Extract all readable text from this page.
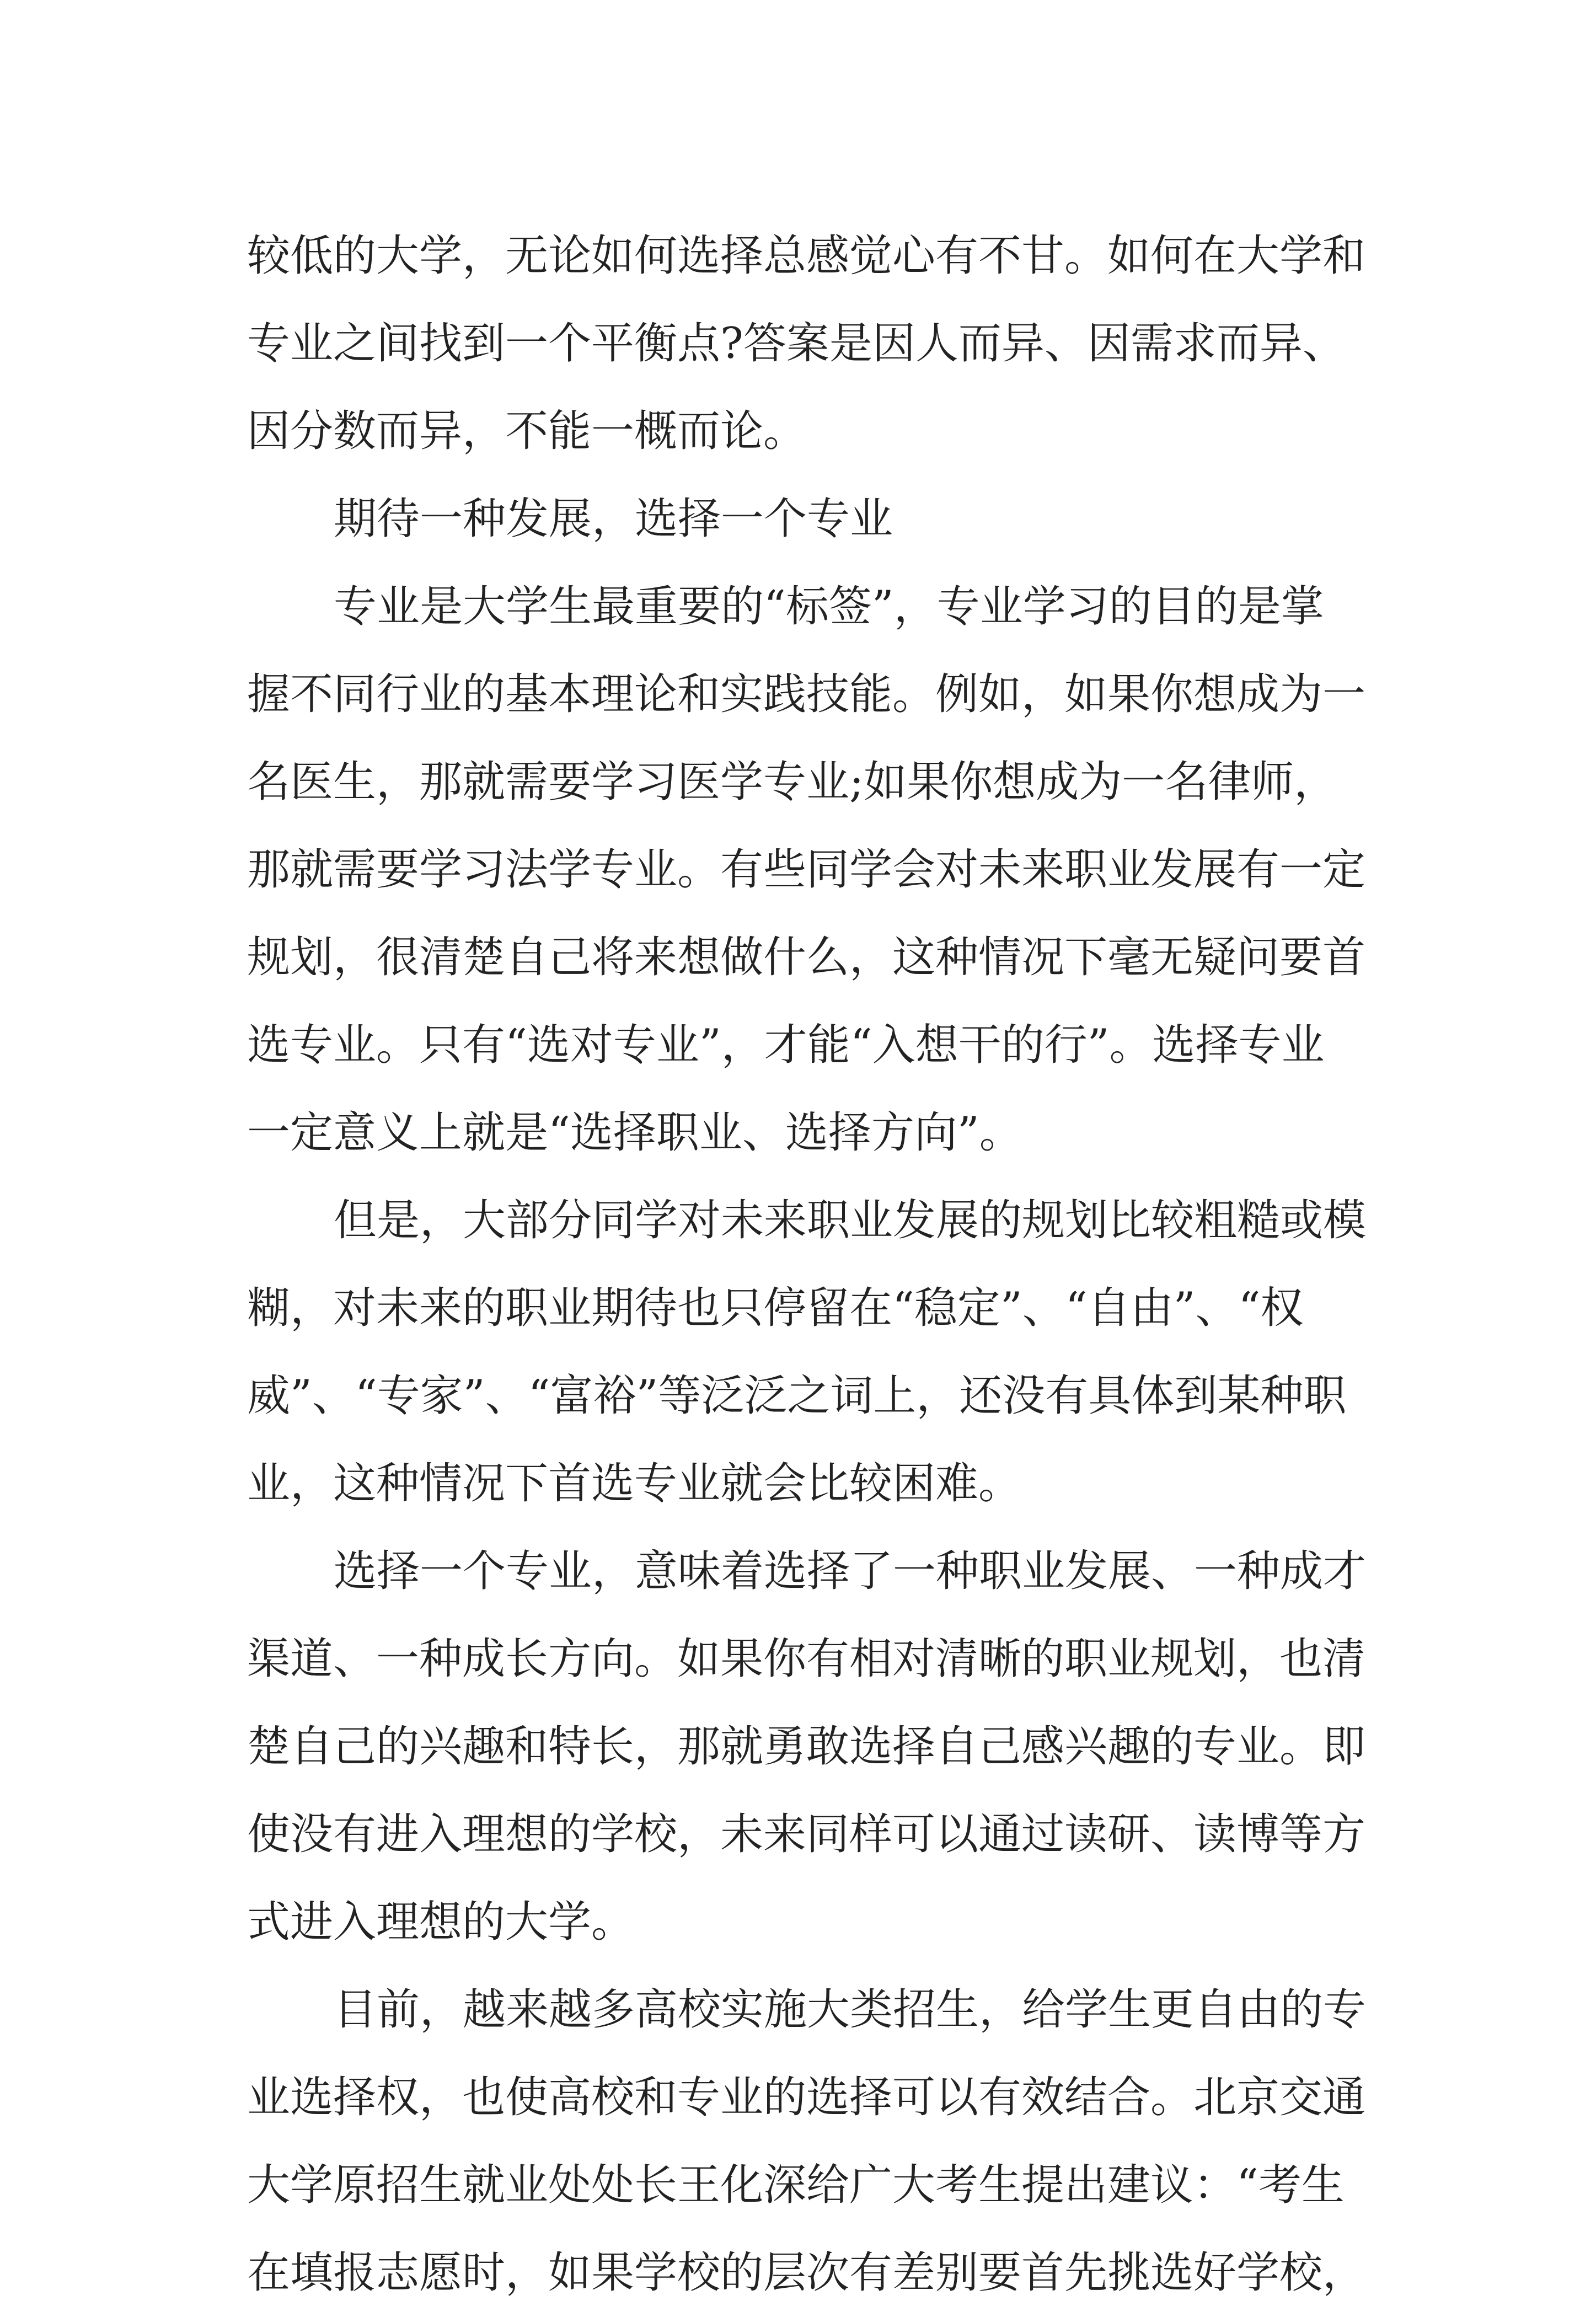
较低的大学，无论如何选择总感觉心有不甘。如何在大学和
专业之间找到一个平衡点?答案是因人而异、因需求而异、
因分数而异，不能一概而论。
期待一种发展，选择一个专业
专业是大学生最重要的“标签”，专业学习的目的是掌
握不同行业的基本理论和实践技能。例如，如果你想成为一
名医生，那就需要学习医学专业;如果你想成为一名律师，
那就需要学习法学专业。有些同学会对未来职业发展有一定
规划，很清楚自己将来想做什么，这种情况下毫无疑问要首
选专业。只有“选对专业”，才能“入想干的行”。选择专业
一定意义上就是“选择职业、选择方向”。
但是，大部分同学对未来职业发展的规划比较粗糙或模
糊，对未来的职业期待也只停留在“稳定”、“自由”、“权
威”、“专家”、“富裕”等泛泛之词上，还没有具体到某种职
业，这种情况下首选专业就会比较困难。
选择一个专业，意味着选择了一种职业发展、一种成才
渠道、一种成长方向。如果你有相对清晰的职业规划，也清
楚自己的兴趣和特长，那就勇敢选择自己感兴趣的专业。即
使没有进入理想的学校，未来同样可以通过读研、读博等方
式进入理想的大学。
目前，越来越多高校实施大类招生，给学生更自由的专
业选择权，也使高校和专业的选择可以有效结合。北京交通
大学原招生就业处处长王化深给广大考生提出建议：“考生
在填报志愿时，如果学校的层次有差别要首先挑选好学校，
